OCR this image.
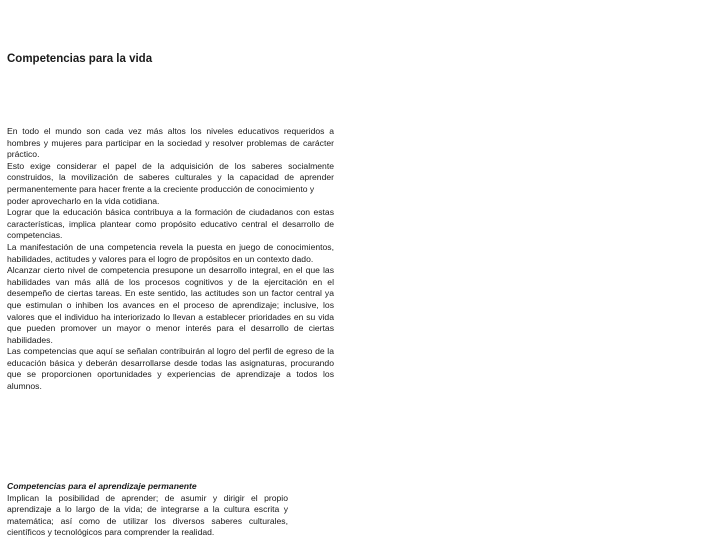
Competencias para la vida

En todo el mundo son cada vez más altos los niveles educativos requeridos a hombres y mujeres para participar en la sociedad y resolver problemas de carácter práctico.

Esto exige considerar el papel de la adquisición de los saberes socialmente construidos, la movilización de saberes culturales y la capacidad de aprender permanentemente para hacer frente a la creciente producción de conocimiento y

poder aprovecharlo en la vida cotidiana.

Lograr que la educación básica contribuya a la formación de ciudadanos con estas características, implica plantear como propósito educativo central el desarrollo de competencias.

La manifestación de una competencia revela la puesta en juego de conocimientos, habilidades, actitudes y valores para el logro de propósitos en un contexto dado.

Alcanzar cierto nivel de competencia presupone un desarrollo integral, en el que las habilidades van más allá de los procesos cognitivos y de la ejercitación en el desempeño de ciertas tareas. En este sentido, las actitudes son un factor central ya que estimulan o inhiben los avances en el proceso de aprendizaje; inclusive, los valores que el individuo ha interiorizado lo llevan a establecer prioridades en su vida que pueden promover un mayor o menor interés para el desarrollo de ciertas habilidades.

Las competencias que aquí se señalan contribuirán al logro del perfil de egreso de la educación básica y deberán desarrollarse desde todas las asignaturas, procurando que se proporcionen oportunidades y experiencias de aprendizaje a todos los alumnos.

Competencias para el aprendizaje permanente

Implican la posibilidad de aprender; de asumir y dirigir el propio aprendizaje a lo largo de la vida; de integrarse a la cultura escrita y matemática; así como de utilizar los diversos saberes culturales, científicos y tecnológicos para comprender la realidad.
